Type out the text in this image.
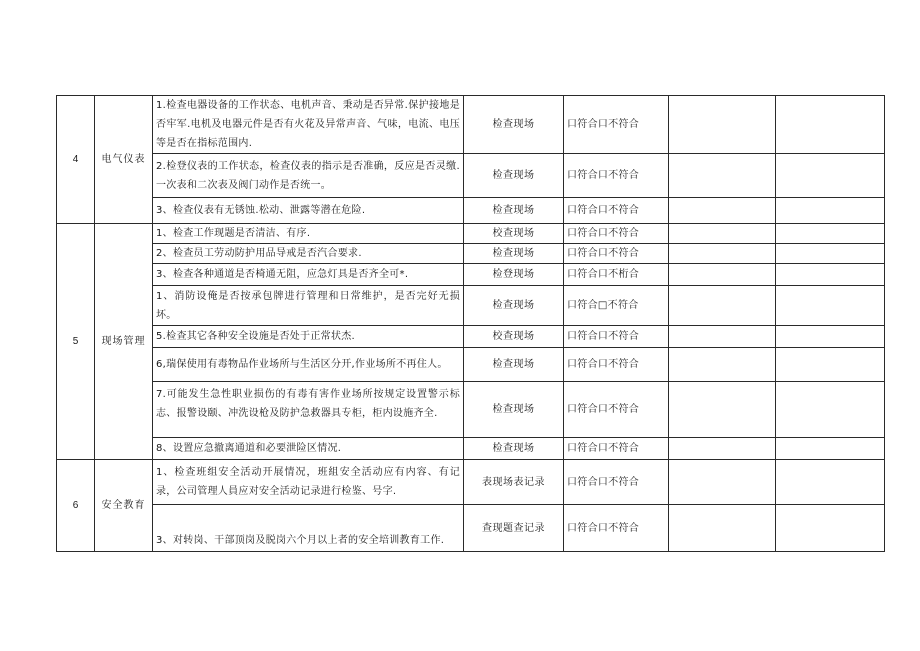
4	电气仪表	1.检查电器设备的工作状态、电机声音、秉动是否异常.保护接地是否牢军.电机及电器元件是否有火花及异常声音、气味，电流、电压等是否在指标范围内.	检查现场	口符合口不符合		
		2.检登仪表的工作状态，检查仪表的指示是否准确，反应是否灵缴.一次表和二次表及阀门动作是否统一。	检查现场	口符合口不符合		
		3、检查仪表有无锈蚀.松动、泄露等潜在危险.	检查现场	口符合口不符合		
5	现场管理	1、检查工作现题是否清洁、有序.	校查现场	口符合口不符合		
		2、检查员工劳动防护用品导戒是否汽合要求.	检查现场	口符合口不符合		
		3、检查各种通道是否椅通无阻，应急灯具是否齐全可*.	检登现场	口符合口不桁合		
		1、消防设俺是否按承包牌进行管理和日常维护，是否完好无损坏。	检查现场	口符合□不符合		
		5.检查其它各种安全设施是否处于正常状杰.	校查现场	口符合口不符合		
		6,瑞保使用有毒物品作业场所与生活区分开,作业场所不再住人。	检查现场	口符合口不符合		
		7.可能发生急性职业损伤的有毒有害作业场所按规定设置警示标志、报警设颐、冲洗设枪及防护急救器具专柜，柜内设施齐全.	检查现场	口符合口不符合		
		8、设置应急撤离通道和必要泄险区情况.	检查现场	口符合口不符合		
6	安全教育	1、检查班组安全活动开展情况，班組安全活动应有内容、有记录，公司管理人員应对安全活动记录进行检鉴、号字.	表现场表记录	口符合口不符合		
		3、对转岗、干部顶岗及脱岗六个月以上者的安全培训教育工作.	查现题查记录	口符合口不符合		
